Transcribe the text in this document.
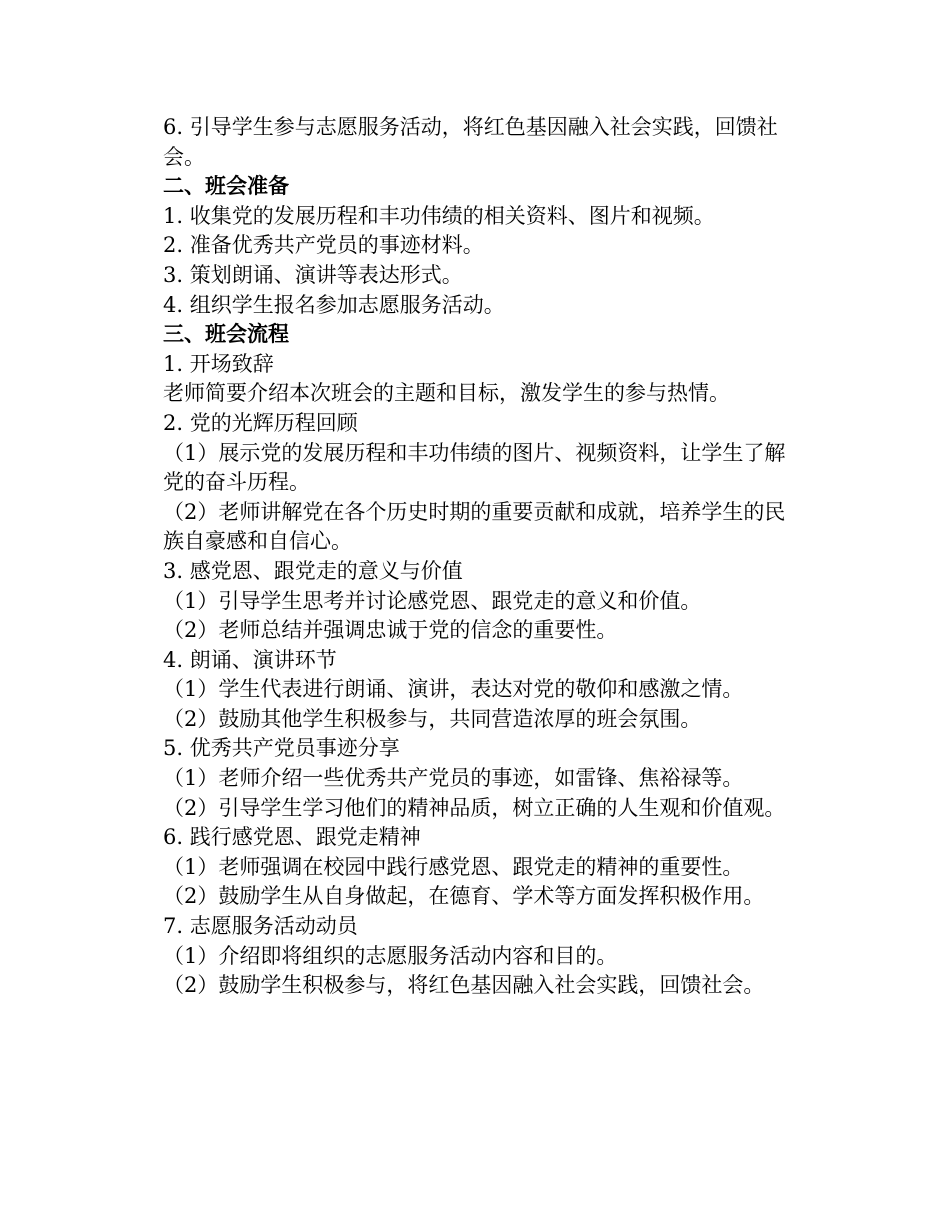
6. 引导学生参与志愿服务活动，将红色基因融入社会实践，回馈社会。

二、班会准备

1. 收集党的发展历程和丰功伟绩的相关资料、图片和视频。

2. 准备优秀共产党员的事迹材料。

3. 策划朗诵、演讲等表达形式。

4. 组织学生报名参加志愿服务活动。

三、班会流程

1. 开场致辞

老师简要介绍本次班会的主题和目标，激发学生的参与热情。

2. 党的光辉历程回顾

（1）展示党的发展历程和丰功伟绩的图片、视频资料，让学生了解党的奋斗历程。

（2）老师讲解党在各个历史时期的重要贡献和成就，培养学生的民族自豪感和自信心。

3. 感党恩、跟党走的意义与价值

（1）引导学生思考并讨论感党恩、跟党走的意义和价值。

（2）老师总结并强调忠诚于党的信念的重要性。

4. 朗诵、演讲环节

（1）学生代表进行朗诵、演讲，表达对党的敬仰和感激之情。

（2）鼓励其他学生积极参与，共同营造浓厚的班会氛围。

5. 优秀共产党员事迹分享

（1）老师介绍一些优秀共产党员的事迹，如雷锋、焦裕禄等。

（2）引导学生学习他们的精神品质，树立正确的人生观和价值观。

6. 践行感党恩、跟党走精神

（1）老师强调在校园中践行感党恩、跟党走的精神的重要性。

（2）鼓励学生从自身做起，在德育、学术等方面发挥积极作用。

7. 志愿服务活动动员

（1）介绍即将组织的志愿服务活动内容和目的。

（2）鼓励学生积极参与，将红色基因融入社会实践，回馈社会。
